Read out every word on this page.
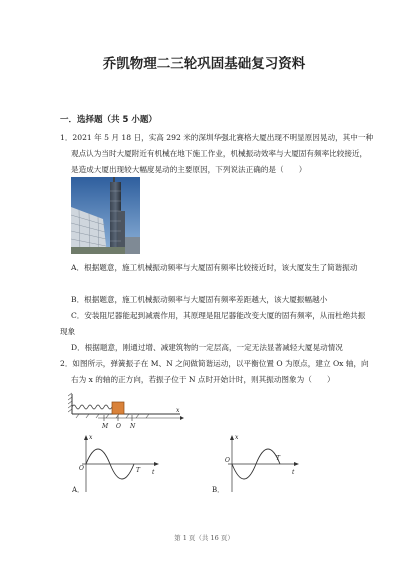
乔凯物理二三轮巩固基础复习资料
一．选择题（共 5 小题）
1．2021 年 5 月 18 日，实高 292 米的深圳华强北赛格大厦出现不明显原因晃动，其中一种
观点认为当时大厦附近有机械在地下施工作业，机械振动效率与大厦固有频率比较接近，
是造成大厦出现较大幅度晃动的主要原因，下列说法正确的是（　　）
A．根据题意，施工机械振动频率与大厦固有频率比较接近时，该大厦发生了简谐振动
B．根据题意，施工机械振动频率与大厦固有频率差距越大，该大厦振幅越小
C．安装阻尼器能起到减震作用，其原理是阻尼器能改变大厦的固有频率，从而杜绝共振
现象
D．根据题意，刚通过增、减建筑物的一定层高，一定无法显著减轻大厦晃动情况
2．如图所示，弹簧振子在 M、N 之间做简谐运动，以平衡位置 O 为原点，建立 Ox 轴，向
右为 x 的轴的正方向，若振子位于 N 点时开始计时，则其振动图象为（　　）
M O N
x
x
O	T t
A．
x
O	T
t
B．
第 1 页（共 16 页）
